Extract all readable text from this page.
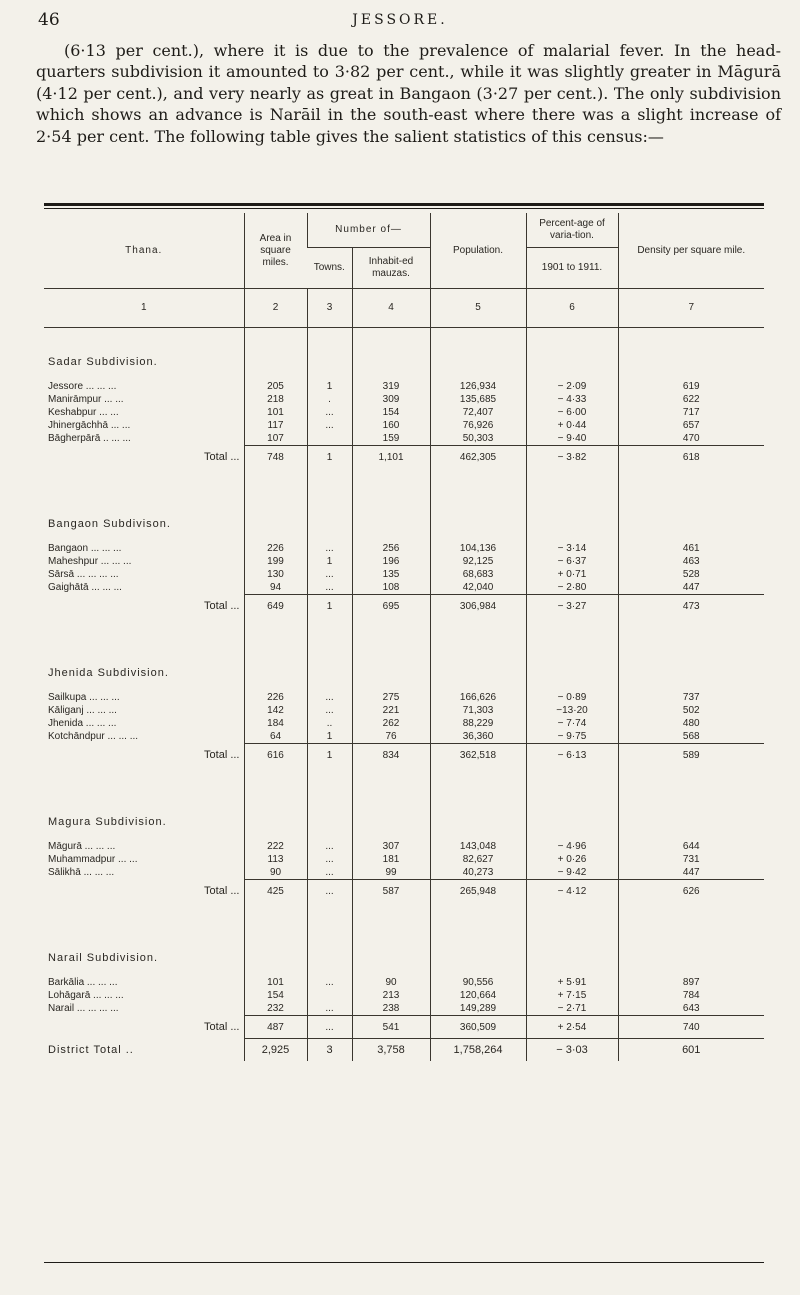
46	JESSORE.

(6·13 per cent.), where it is due to the prevalence of malarial fever. In the head-quarters subdivision it amounted to 3·82 per cent., while it was slightly greater in Māgurā (4·12 per cent.), and very nearly as great in Bangaon (3·27 per cent.). The only subdivision which shows an advance is Narāil in the south-east where there was a slight increase of 2·54 per cent. The following table gives the salient statistics of this census:—

Thana.	Area in square miles.	Number of—		Population.	Percent-age of varia-tion.	Density per square mile.
		Towns.	Inhabit-ed mauzas.		1901 to 1911.	
1	2	3	4	5	6	7

Sadar Subdivision.						

Jessore ... ... ...	205	1	319	126,934	− 2·09	619
Manirāmpur ... ...	218	.	309	135,685	− 4·33	622
Keshabpur ... ...	101	...	154	72,407	− 6·00	717
Jhinergāchhā ... ...	117	...	160	76,926	+ 0·44	657
Bāgherpārā .. ... ...	107		159	50,303	− 9·40	470
Total ...	748	1	1,101	462,305	− 3·82	618

Bangaon Subdivison.						

Bangaon ... ... ...	226	...	256	104,136	− 3·14	461
Maheshpur ... ... ...	199	1	196	92,125	− 6·37	463
Sārsā ... ... ... ...	130	...	135	68,683	+ 0·71	528
Gaighātā ... ... ...	94	...	108	42,040	− 2·80	447
Total ...	649	1	695	306,984	− 3·27	473

Jhenida Subdivision.						

Sailkupa ... ... ...	226	...	275	166,626	− 0·89	737
Kāliganj ... ... ...	142	...	221	71,303	−13·20	502
Jhenida ... ... ...	184	..	262	88,229	− 7·74	480
Kotchāndpur ... ... ...	64	1	76	36,360	− 9·75	568
Total ...	616	1	834	362,518	− 6·13	589

Magura Subdivision.						

Māgurā ... ... ...	222	...	307	143,048	− 4·96	644
Muhammadpur ... ...	113	...	181	82,627	+ 0·26	731
Sālikhā ... ... ...	90	...	99	40,273	− 9·42	447
Total ...	425	...	587	265,948	− 4·12	626

Narail Subdivision.						

Barkālia ... ... ...	101	...	90	90,556	+ 5·91	897
Lohāgarā ... ... ...	154		213	120,664	+ 7·15	784
Narail ... ... ... ...	232	...	238	149,289	− 2·71	643
Total ...	487	...	541	360,509	+ 2·54	740
District Total ..	2,925	3	3,758	1,758,264	− 3·03	601
